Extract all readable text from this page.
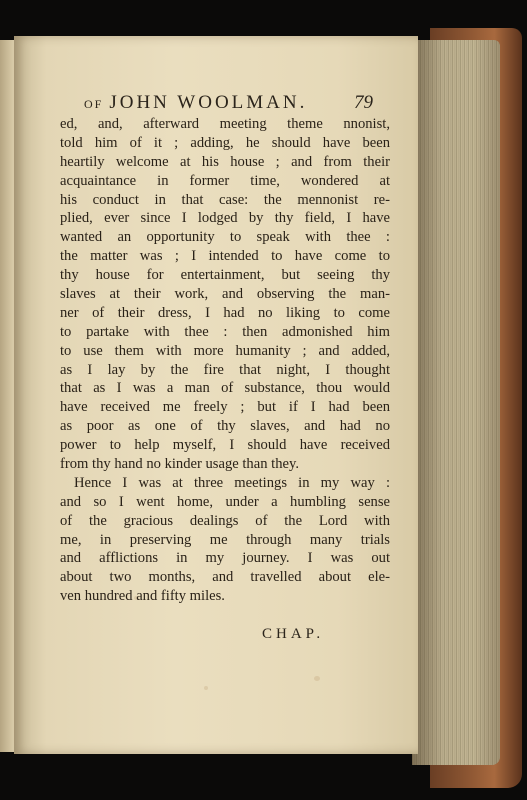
OF JOHN WOOLMAN. 79
ed, and, afterward meeting theme nnonist,
told him of it ; adding, he should have been
heartily welcome at his house ; and from their
acquaintance in former time, wondered at
his conduct in that case: the mennonist re-
plied, ever since I lodged by thy field, I have
wanted an opportunity to speak with thee :
the matter was ; I intended to have come to
thy house for entertainment, but seeing thy
slaves at their work, and observing the man-
ner of their dress, I had no liking to come
to partake with thee : then admonished him
to use them with more humanity ; and added,
as I lay by the fire that night, I thought
that as I was a man of substance, thou would
have received me freely ; but if I had been
as poor as one of thy slaves, and had no
power to help myself, I should have received
from thy hand no kinder usage than they.
Hence I was at three meetings in my way :
and so I went home, under a humbling sense
of the gracious dealings of the Lord with
me, in preserving me through many trials
and afflictions in my journey. I was out
about two months, and travelled about ele-
ven hundred and fifty miles.
CHAP.
